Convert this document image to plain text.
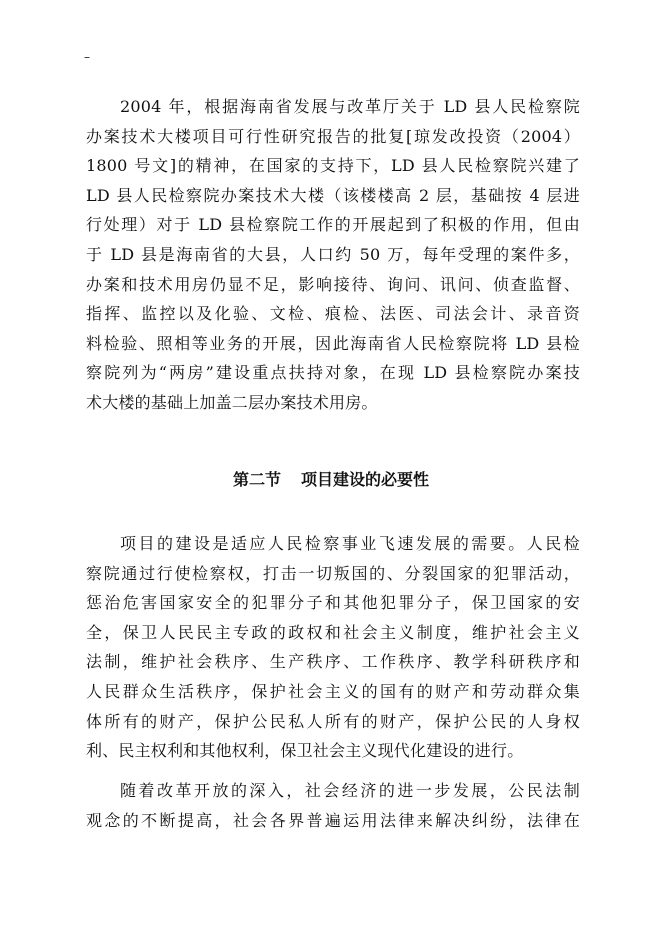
–
2004 年，根据海南省发展与改革厅关于 LD 县人民检察院
办案技术大楼项目可行性研究报告的批复[琼发改投资（2004）
1800 号文]的精神，在国家的支持下，LD 县人民检察院兴建了
LD 县人民检察院办案技术大楼（该楼楼高 2 层，基础按 4 层进
行处理）对于 LD 县检察院工作的开展起到了积极的作用，但由
于 LD 县是海南省的大县，人口约 50 万，每年受理的案件多，
办案和技术用房仍显不足，影响接待、询问、讯问、侦查监督、
指挥、监控以及化验、文检、痕检、法医、司法会计、录音资
料检验、照相等业务的开展，因此海南省人民检察院将 LD 县检
察院列为“两房”建设重点扶持对象，在现 LD 县检察院办案技
术大楼的基础上加盖二层办案技术用房。
第二节 项目建设的必要性
项目的建设是适应人民检察事业飞速发展的需要。人民检
察院通过行使检察权，打击一切叛国的、分裂国家的犯罪活动，
惩治危害国家安全的犯罪分子和其他犯罪分子，保卫国家的安
全，保卫人民民主专政的政权和社会主义制度，维护社会主义
法制，维护社会秩序、生产秩序、工作秩序、教学科研秩序和
人民群众生活秩序，保护社会主义的国有的财产和劳动群众集
体所有的财产，保护公民私人所有的财产，保护公民的人身权
利、民主权利和其他权利，保卫社会主义现代化建设的进行。
随着改革开放的深入，社会经济的进一步发展，公民法制
观念的不断提高，社会各界普遍运用法律来解决纠纷，法律在
